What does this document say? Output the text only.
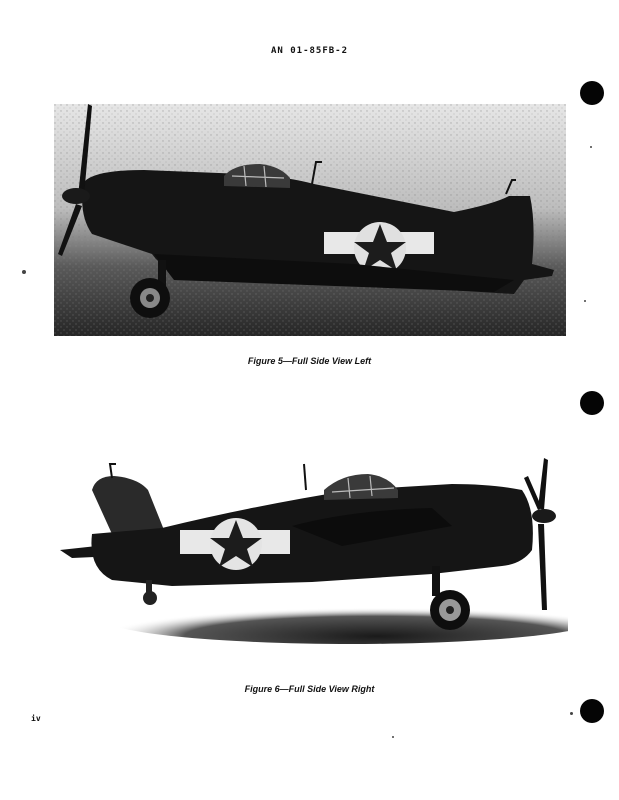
AN 01-85FB-2
Figure 5—Full Side View Left
Figure 6—Full Side View Right
iv
